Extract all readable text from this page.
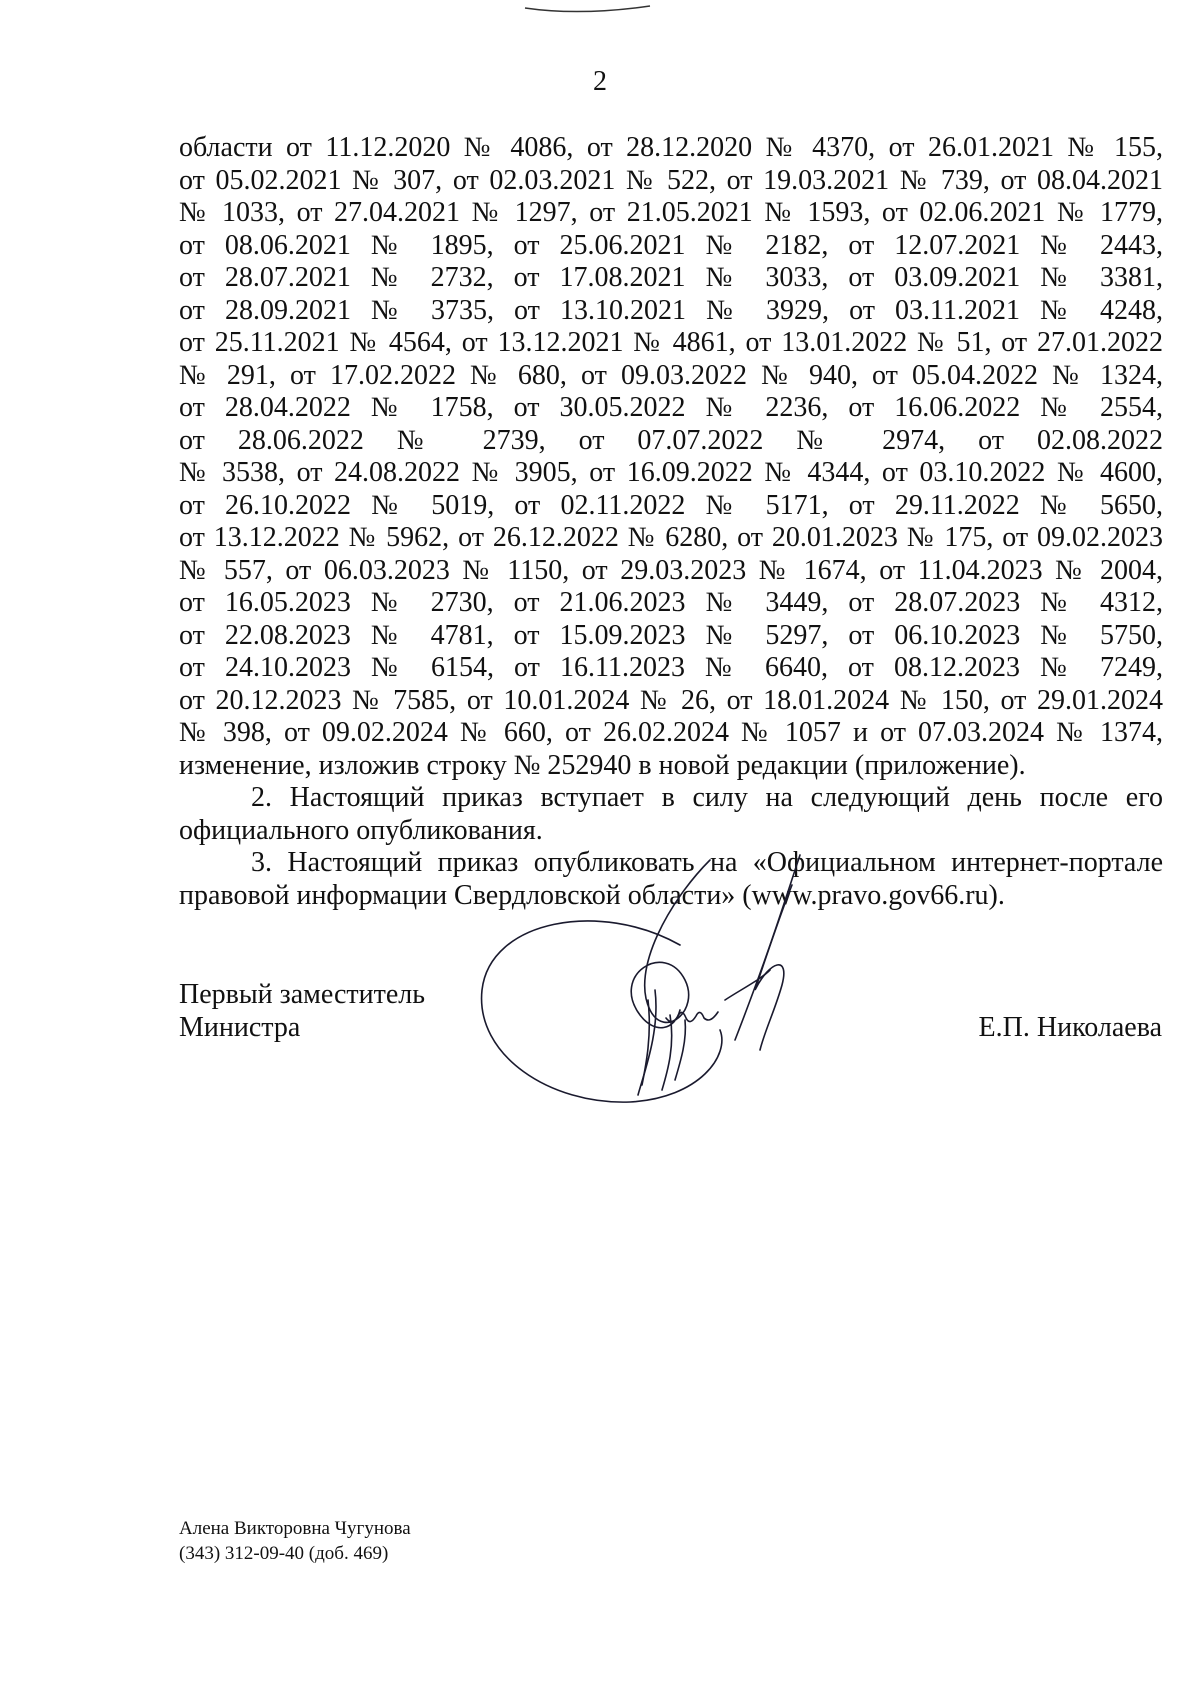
2
области от 11.12.2020 № 4086, от 28.12.2020 № 4370, от 26.01.2021 № 155,
от 05.02.2021 № 307, от 02.03.2021 № 522, от 19.03.2021 № 739, от 08.04.2021
№ 1033, от 27.04.2021 № 1297, от 21.05.2021 № 1593, от 02.06.2021 № 1779,
от 08.06.2021 № 1895, от 25.06.2021 № 2182, от 12.07.2021 № 2443,
от 28.07.2021 № 2732, от 17.08.2021 № 3033, от 03.09.2021 № 3381,
от 28.09.2021 № 3735, от 13.10.2021 № 3929, от 03.11.2021 № 4248,
от 25.11.2021 № 4564, от 13.12.2021 № 4861, от 13.01.2022 № 51, от 27.01.2022
№ 291, от 17.02.2022 № 680, от 09.03.2022 № 940, от 05.04.2022 № 1324,
от 28.04.2022 № 1758, от 30.05.2022 № 2236, от 16.06.2022 № 2554,
от 28.06.2022 № 2739, от 07.07.2022 № 2974, от 02.08.2022
№ 3538, от 24.08.2022 № 3905, от 16.09.2022 № 4344, от 03.10.2022 № 4600,
от 26.10.2022 № 5019, от 02.11.2022 № 5171, от 29.11.2022 № 5650,
от 13.12.2022 № 5962, от 26.12.2022 № 6280, от 20.01.2023 № 175, от 09.02.2023
№ 557, от 06.03.2023 № 1150, от 29.03.2023 № 1674, от 11.04.2023 № 2004,
от 16.05.2023 № 2730, от 21.06.2023 № 3449, от 28.07.2023 № 4312,
от 22.08.2023 № 4781, от 15.09.2023 № 5297, от 06.10.2023 № 5750,
от 24.10.2023 № 6154, от 16.11.2023 № 6640, от 08.12.2023 № 7249,
от 20.12.2023 № 7585, от 10.01.2024 № 26, от 18.01.2024 № 150, от 29.01.2024
№ 398, от 09.02.2024 № 660, от 26.02.2024 № 1057 и от 07.03.2024 № 1374,
изменение, изложив строку № 252940 в новой редакции (приложение).
2. Настоящий приказ вступает в силу на следующий день после его
официального опубликования.
3. Настоящий приказ опубликовать на «Официальном интернет-портале
правовой информации Свердловской области» (www.pravo.gov66.ru).
Первый заместитель
Министра	Е.П. Николаева
Алена Викторовна Чугунова
(343) 312-09-40 (доб. 469)
